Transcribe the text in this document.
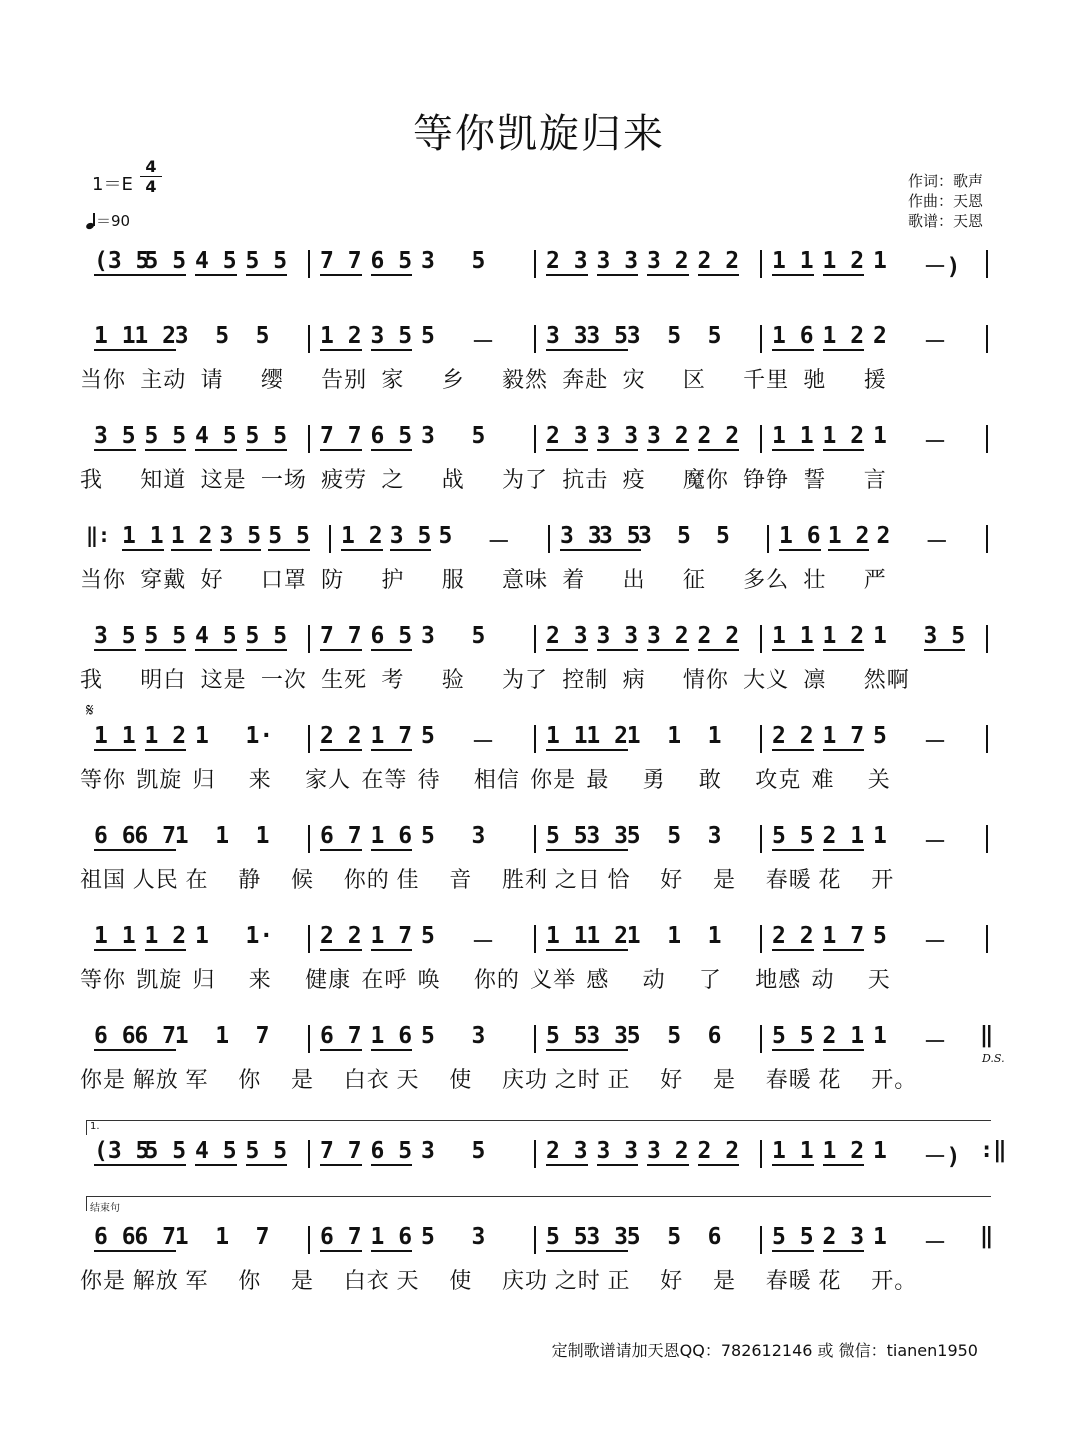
等你凯旋归来
1＝E
4
4
＝90
作词：歌声
作曲：天恩
歌谱：天恩
(3 5
5 5 4 5 5 5 7 7 6 5 3 5	2 3 3 3 3 2 2 2 1 1 1 2 1 －)
1 1
1 2
3 5 5 1 2 3 5 5 － 3 3
3 5
3 5 5 1 6 1 2 2 －
当你 主动 请 缨 告别 家 乡 毅然 奔赴 灾 区 千里 驰 援
3 5 5 5 4 5 5 5 7 7 6 5 3 5	2 3 3 3 3 2 2 2 1 1 1 2 1 －
我 知道 这是 一场 疲劳 之 战 为了 抗击 疫 魔你 铮铮 誓 言
‖: 1 1 1 2 3 5 5 5 1 2 3 5 5 － 3 3
3 5
3 5 5 1 6 1 2 2 －
当你 穿戴 好 口罩 防 护 服 意味 着 出 征 多么 壮 严
3 5 5 5 4 5 5 5 7 7 6 5 3 5	2 3 3 3 3 2 2 2 1 1 1 2 1 3 5
我 明白 这是 一次 生死 考 验 为了 控制 病 情你 大义 凛 然啊
1 1 1 2 1 1· 2 2 1 7 5 － 1 1
1 2
1 1 1 2 2 1 7 5 －
等你 凯旋 归 来 家人 在等 待 相信 你是 最 勇 敢 攻克 难 关
6 6
6 7
1 1 1 6 7 1 6 5 3	5 5
3 3
5 5 3 5 5 2 1 1 －
祖国 人民 在 静 候 你的 佳 音 胜利 之日 恰 好 是 春暖 花 开
1 1 1 2 1 1· 2 2 1 7 5 － 1 1
1 2
1 1 1 2 2 1 7 5 －
等你 凯旋 归 来 健康 在呼 唤 你的 义举 感 动 了 地感 动 天
6 6
6 7
1 1 7 6 7 1 6 5 3	5 5
3 3
5 5 6 5 5 2 1 1 － ‖
你是 解放 军 你 是 白衣 天 使 庆功 之时 正 好 是 春暖 花 开。
(3 5
5 5 4 5 5 5 7 7 6 5 3 5	2 3 3 3 3 2 2 2 1 1 1 2 1 －) :‖
6 6
6 7
1 1 7 6 7 1 6 5 3	5 5
3 3
5 5 6 5 5 2 3 1 － ‖
你是 解放 军 你 是 白衣 天 使 庆功 之时 正 好 是 春暖 花 开。
𝄋
D.S.
1.
结束句
定制歌谱请加天恩QQ：782612146 或 微信：tianen1950
